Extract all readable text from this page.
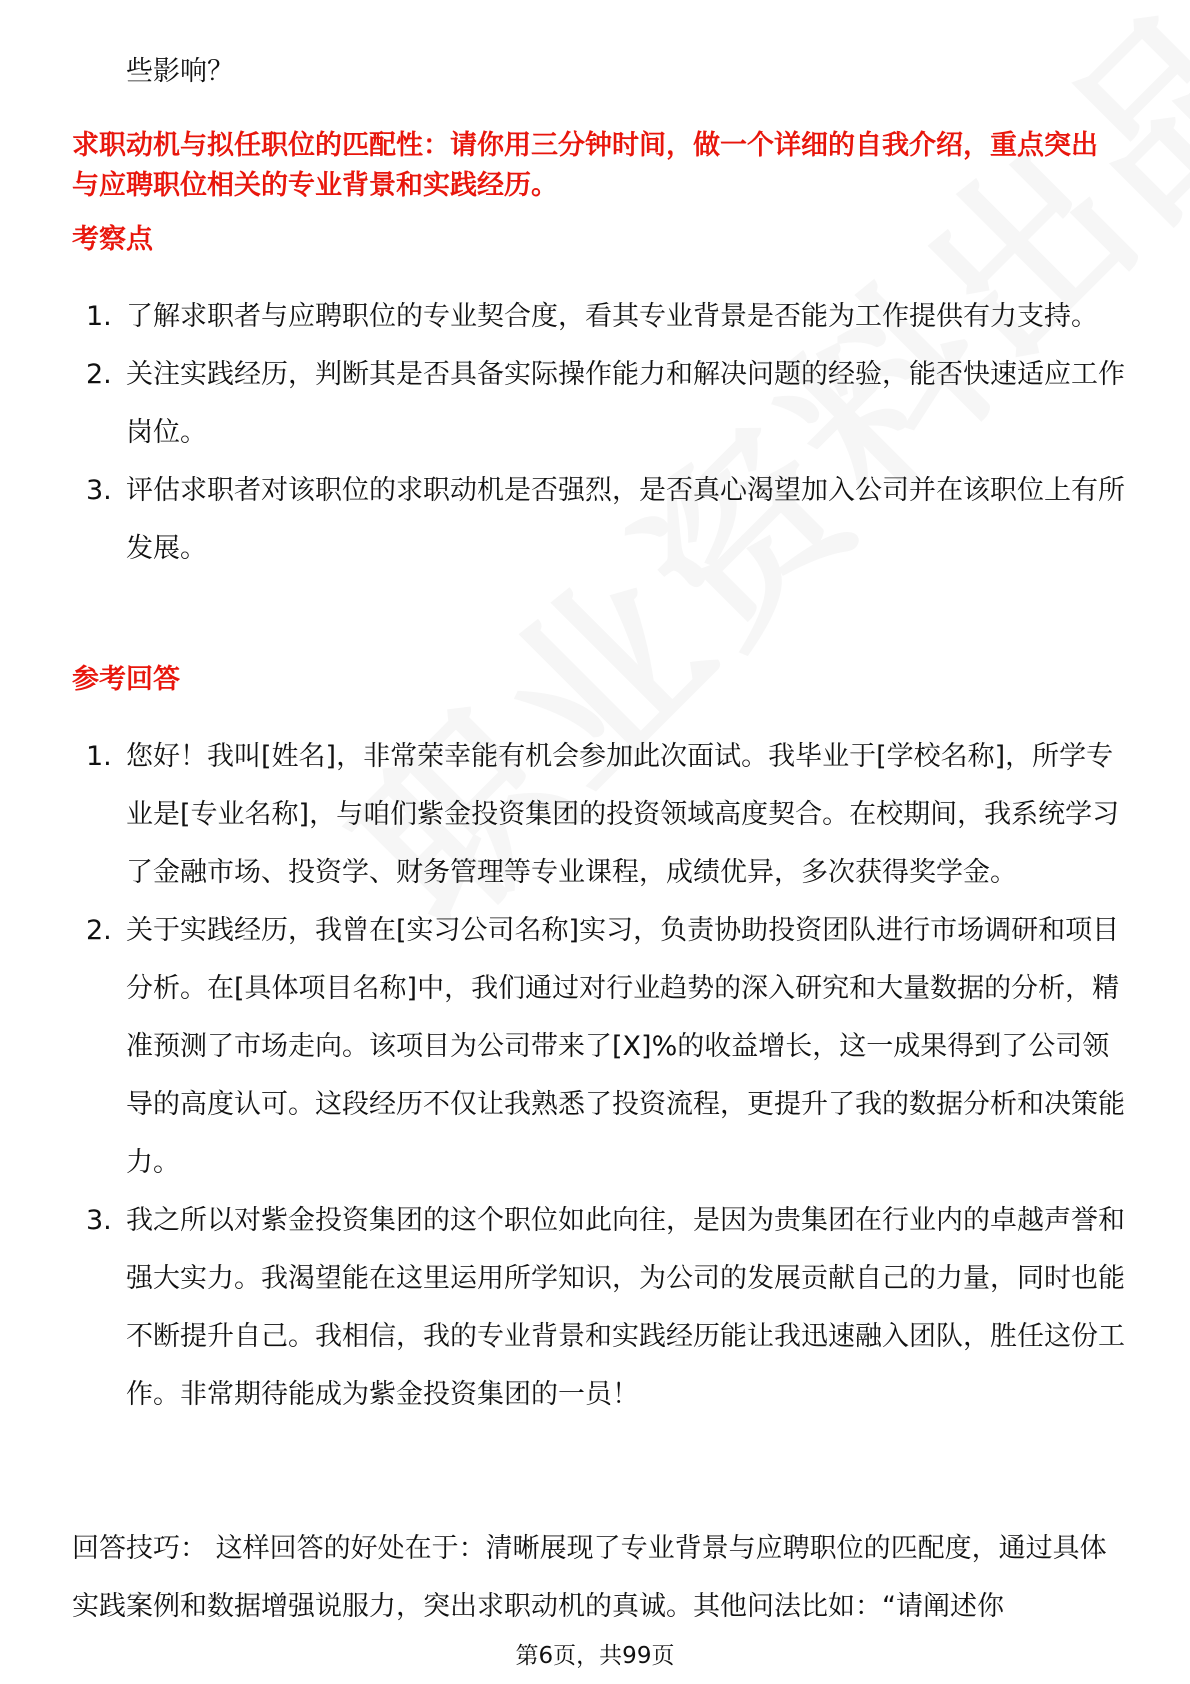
些影响？
求职动机与拟任职位的匹配性：请你用三分钟时间，做一个详细的自我介绍，重点突出与应聘职位相关的专业背景和实践经历。
考察点
1. 了解求职者与应聘职位的专业契合度，看其专业背景是否能为工作提供有力支持。
2. 关注实践经历，判断其是否具备实际操作能力和解决问题的经验，能否快速适应工作岗位。
3. 评估求职者对该职位的求职动机是否强烈，是否真心渴望加入公司并在该职位上有所发展。
参考回答
1. 您好！我叫[姓名]，非常荣幸能有机会参加此次面试。我毕业于[学校名称]，所学专业是[专业名称]，与咱们紫金投资集团的投资领域高度契合。在校期间，我系统学习了金融市场、投资学、财务管理等专业课程，成绩优异，多次获得奖学金。
2. 关于实践经历，我曾在[实习公司名称]实习，负责协助投资团队进行市场调研和项目分析。在[具体项目名称]中，我们通过对行业趋势的深入研究和大量数据的分析，精准预测了市场走向。该项目为公司带来了[X]%的收益增长，这一成果得到了公司领导的高度认可。这段经历不仅让我熟悉了投资流程，更提升了我的数据分析和决策能力。
3. 我之所以对紫金投资集团的这个职位如此向往，是因为贵集团在行业内的卓越声誉和强大实力。我渴望能在这里运用所学知识，为公司的发展贡献自己的力量，同时也能不断提升自己。我相信，我的专业背景和实践经历能让我迅速融入团队，胜任这份工作。非常期待能成为紫金投资集团的一员！
回答技巧： 这样回答的好处在于：清晰展现了专业背景与应聘职位的匹配度，通过具体实践案例和数据增强说服力，突出求职动机的真诚。其他问法比如：“请阐述你
第6页，共99页
